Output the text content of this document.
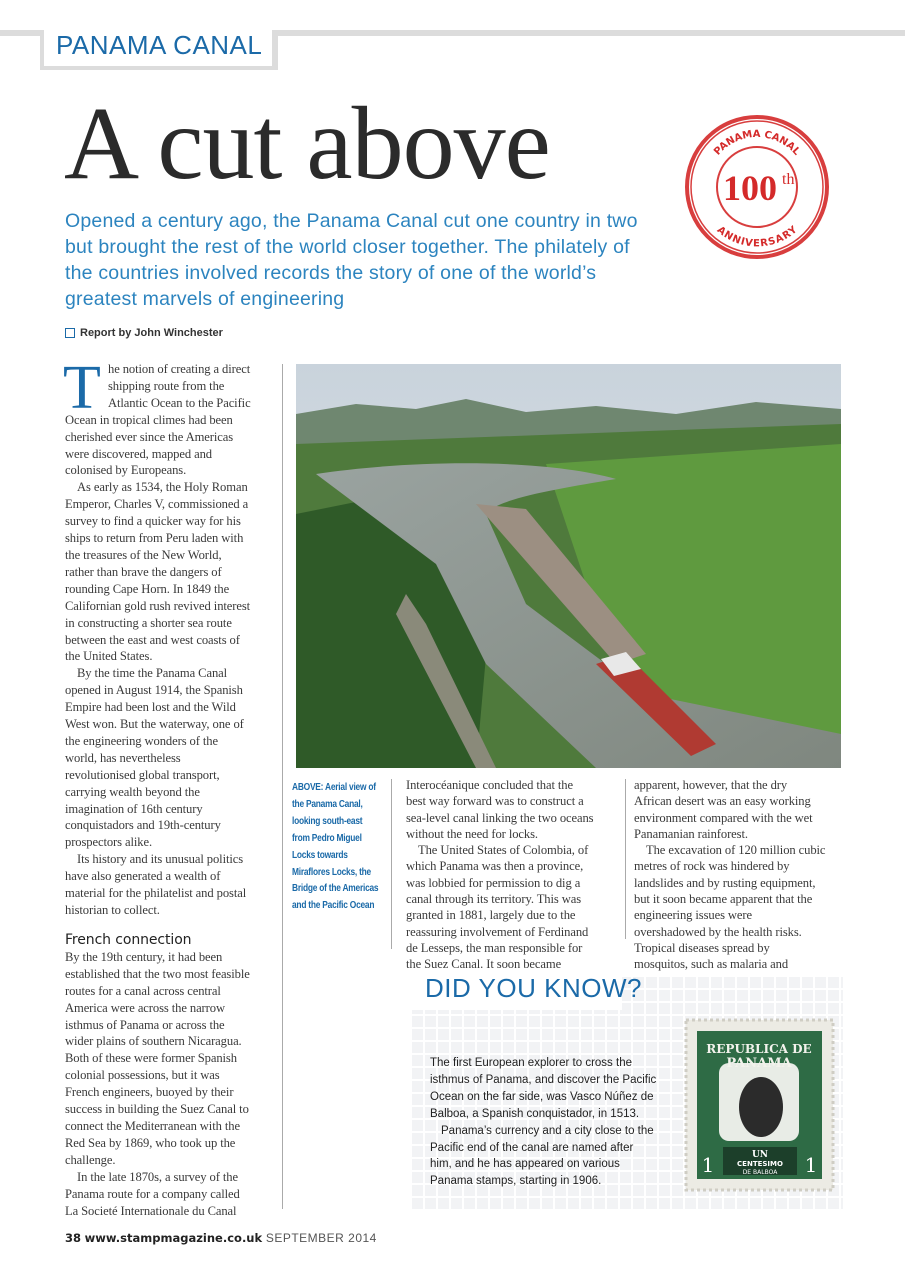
PANAMA CANAL
A cut above
Opened a century ago, the Panama Canal cut one country in two but brought the rest of the world closer together. The philately of the countries involved records the story of one of the world’s greatest marvels of engineering
Report by John Winchester
PANAMA CANAL
ANNIVERSARY
100 th
T he notion of creating a direct
shipping route from the
Atlantic Ocean to the Pacific
Ocean in tropical climes had been
cherished ever since the Americas
were discovered, mapped and
colonised by Europeans.
As early as 1534, the Holy Roman
Emperor, Charles V, commissioned a
survey to find a quicker way for his
ships to return from Peru laden with
the treasures of the New World,
rather than brave the dangers of
rounding Cape Horn. In 1849 the
Californian gold rush revived interest
in constructing a shorter sea route
between the east and west coasts of
the United States.
By the time the Panama Canal
opened in August 1914, the Spanish
Empire had been lost and the Wild
West won. But the waterway, one of
the engineering wonders of the
world, has nevertheless
revolutionised global transport,
carrying wealth beyond the
imagination of 16th century
conquistadors and 19th-century
prospectors alike.
Its history and its unusual politics
have also generated a wealth of
material for the philatelist and postal
historian to collect.
French connection
By the 19th century, it had been
established that the two most feasible
routes for a canal across central
America were across the narrow
isthmus of Panama or across the
wider plains of southern Nicaragua.
Both of these were former Spanish
colonial possessions, but it was
French engineers, buoyed by their
success in building the Suez Canal to
connect the Mediterranean with the
Red Sea by 1869, who took up the
challenge.
In the late 1870s, a survey of the
Panama route for a company called
La Societé Internationale du Canal
ABOVE: Aerial view of
the Panama Canal,
looking south-east
from Pedro Miguel
Locks towards
Miraflores Locks, the
Bridge of the Americas
and the Pacific Ocean
Interocéanique concluded that the
best way forward was to construct a
sea-level canal linking the two oceans
without the need for locks.
The United States of Colombia, of
which Panama was then a province,
was lobbied for permission to dig a
canal through its territory. This was
granted in 1881, largely due to the
reassuring involvement of Ferdinand
de Lesseps, the man responsible for
the Suez Canal. It soon became
apparent, however, that the dry
African desert was an easy working
environment compared with the wet
Panamanian rainforest.
The excavation of 120 million cubic
metres of rock was hindered by
landslides and by rusting equipment,
but it soon became apparent that the
engineering issues were
overshadowed by the health risks.
Tropical diseases spread by
mosquitos, such as malaria and
DID YOU KNOW?
The first European explorer to cross the
isthmus of Panama, and discover the Pacific
Ocean on the far side, was Vasco Núñez de
Balboa, a Spanish conquistador, in 1513.
Panama’s currency and a city close to the
Pacific end of the canal are named after
him, and he has appeared on various
Panama stamps, starting in 1906.
REPUBLICA DE
PANAMA
UN
CENTESIMO
DE BALBOA
1	1
38 www.stampmagazine.co.uk SEPTEMBER 2014
